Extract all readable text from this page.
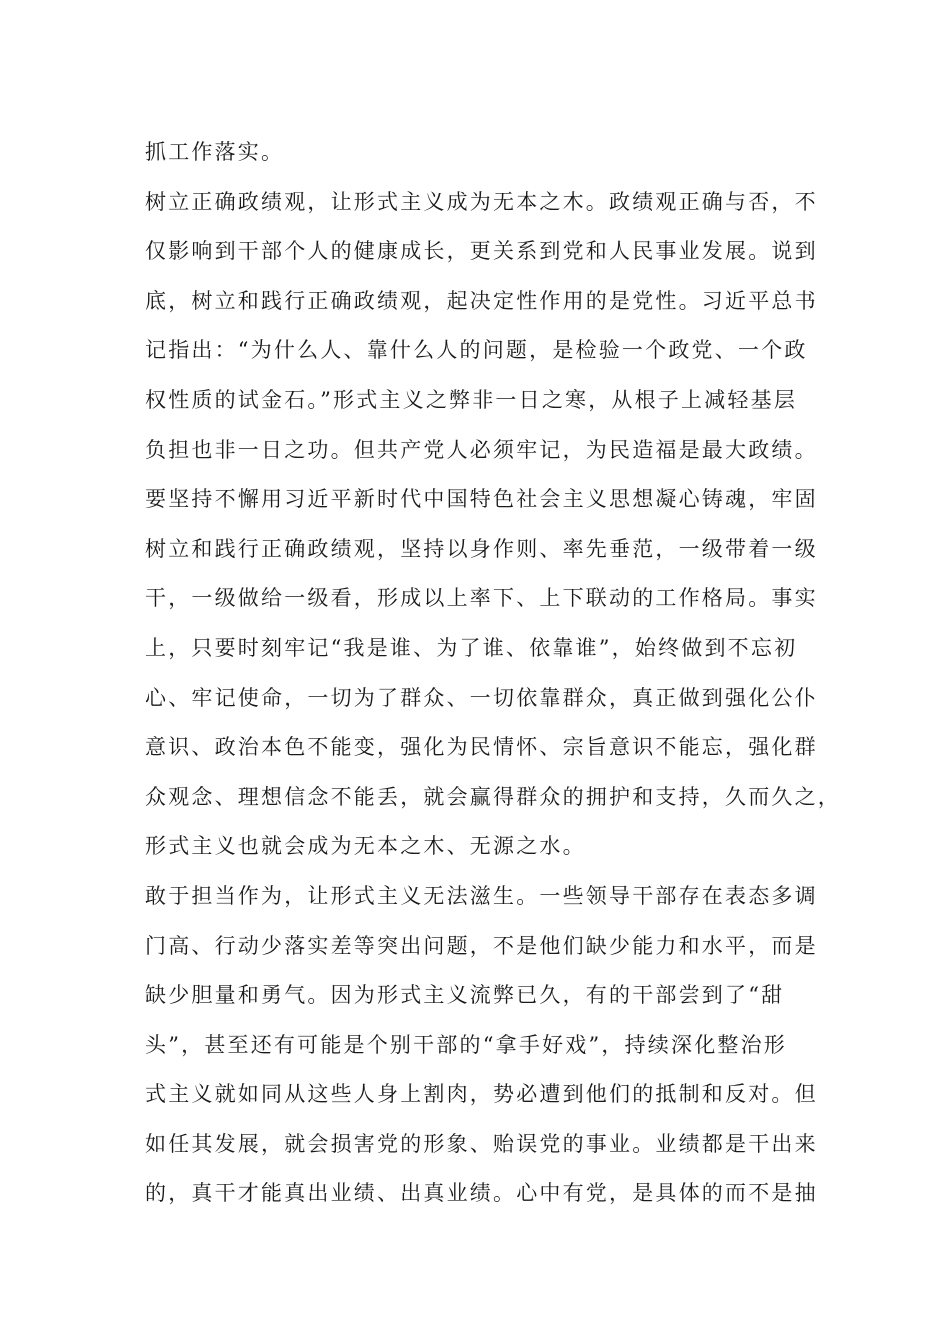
抓工作落实。
树立正确政绩观，让形式主义成为无本之木。政绩观正确与否，不
仅影响到干部个人的健康成长，更关系到党和人民事业发展。说到
底，树立和践行正确政绩观，起决定性作用的是党性。习近平总书
记指出：“为什么人、靠什么人的问题，是检验一个政党、一个政
权性质的试金石。”形式主义之弊非一日之寒，从根子上减轻基层
负担也非一日之功。但共产党人必须牢记，为民造福是最大政绩。
要坚持不懈用习近平新时代中国特色社会主义思想凝心铸魂，牢固
树立和践行正确政绩观，坚持以身作则、率先垂范，一级带着一级
干，一级做给一级看，形成以上率下、上下联动的工作格局。事实
上，只要时刻牢记“我是谁、为了谁、依靠谁”，始终做到不忘初
心、牢记使命，一切为了群众、一切依靠群众，真正做到强化公仆
意识、政治本色不能变，强化为民情怀、宗旨意识不能忘，强化群
众观念、理想信念不能丢，就会赢得群众的拥护和支持，久而久之，
形式主义也就会成为无本之木、无源之水。
敢于担当作为，让形式主义无法滋生。一些领导干部存在表态多调
门高、行动少落实差等突出问题，不是他们缺少能力和水平，而是
缺少胆量和勇气。因为形式主义流弊已久，有的干部尝到了“甜
头”，甚至还有可能是个别干部的“拿手好戏”，持续深化整治形
式主义就如同从这些人身上割肉，势必遭到他们的抵制和反对。但
如任其发展，就会损害党的形象、贻误党的事业。业绩都是干出来
的，真干才能真出业绩、出真业绩。心中有党，是具体的而不是抽
